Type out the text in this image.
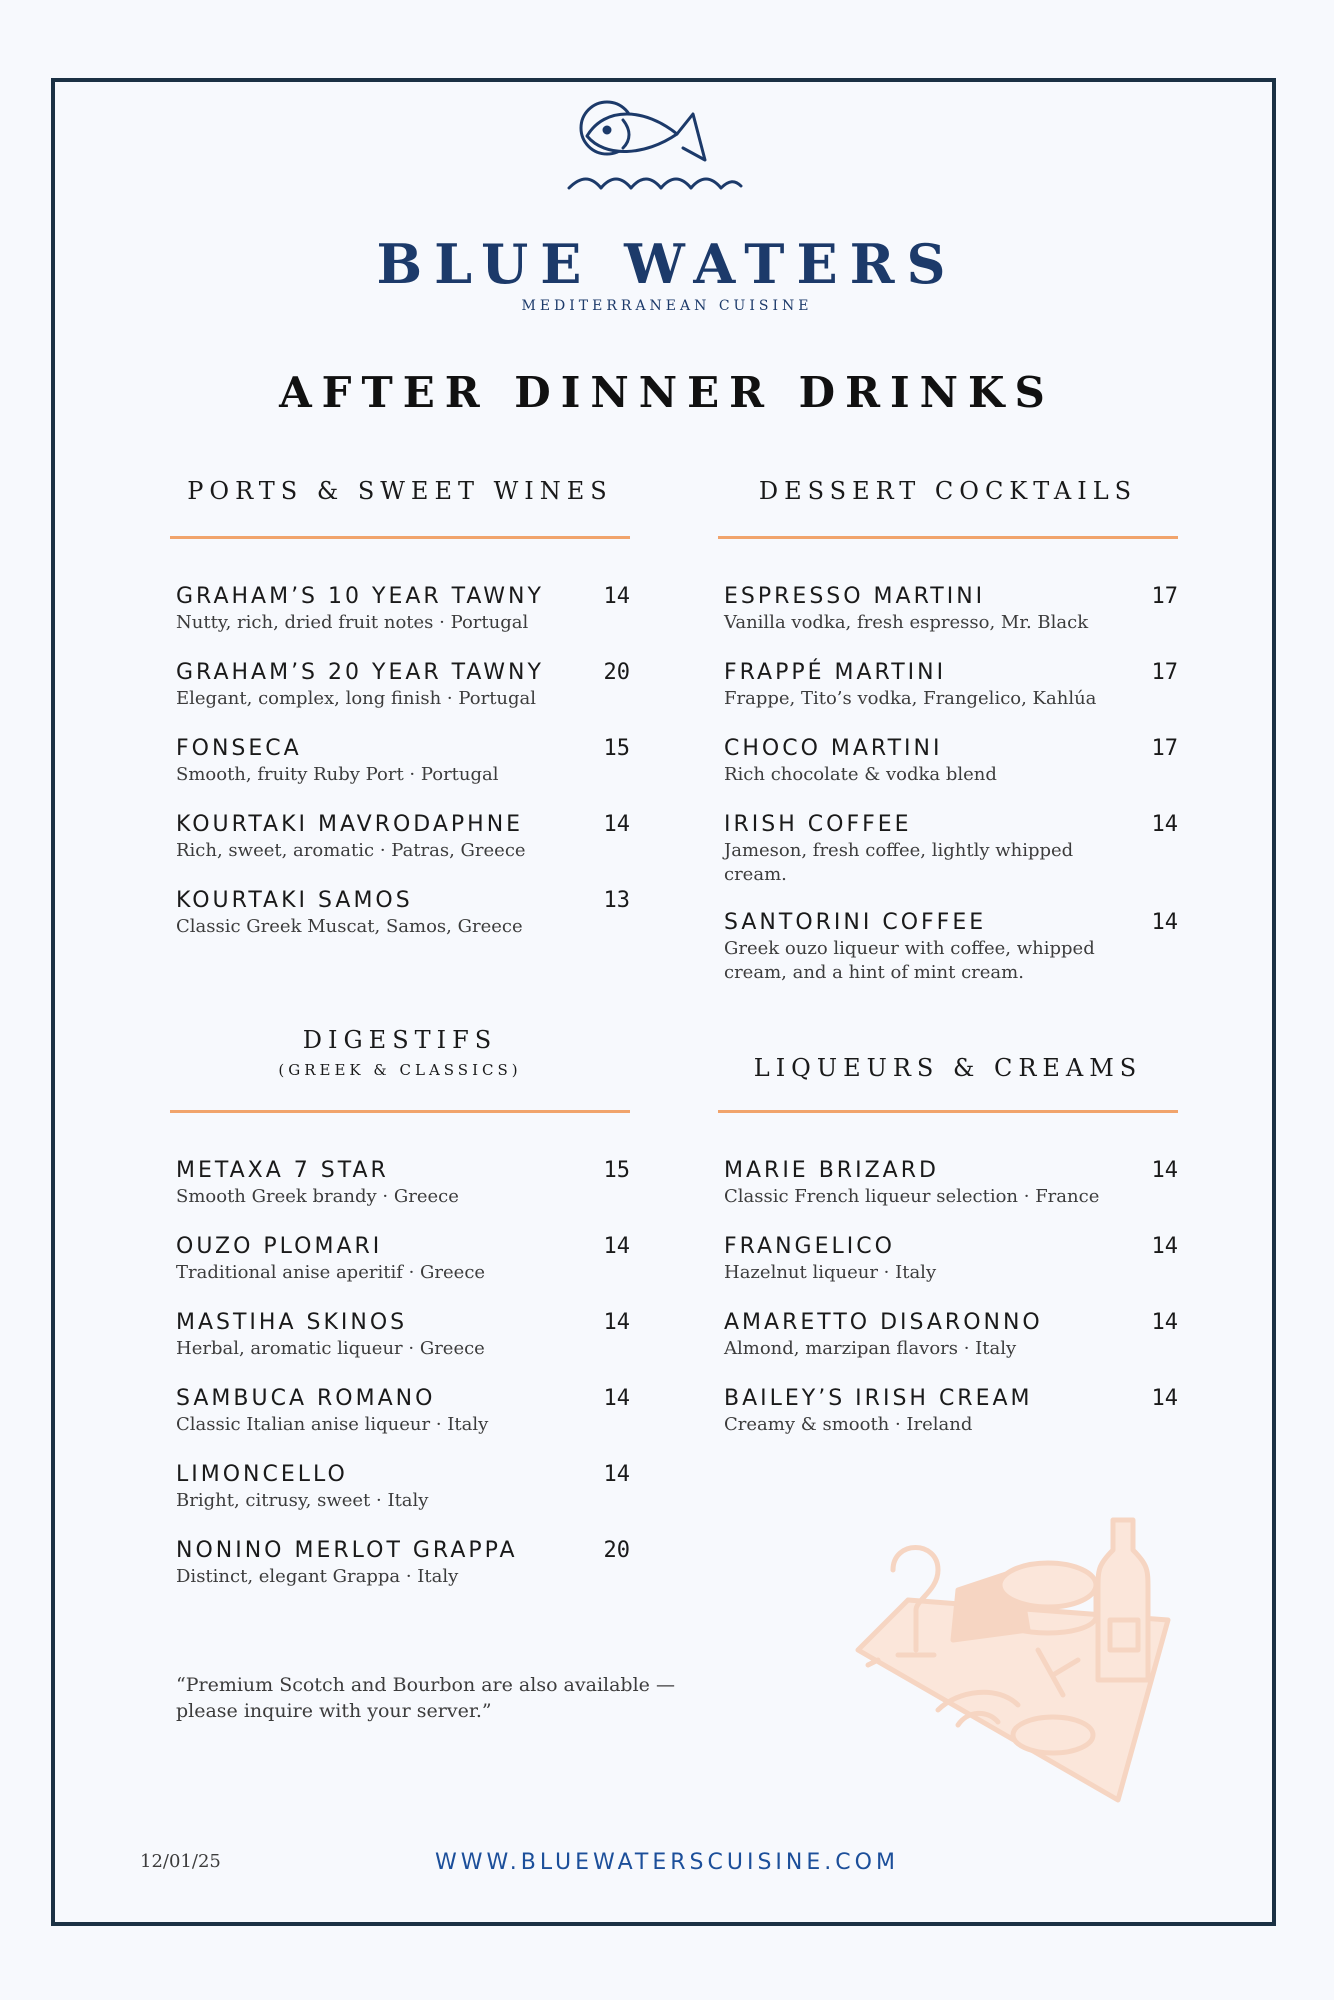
BLUE WATERS
MEDITERRANEAN CUISINE
AFTER DINNER DRINKS
PORTS & SWEET WINES
GRAHAM’S 10 YEAR TAWNY	14
Nutty, rich, dried fruit notes · Portugal
GRAHAM’S 20 YEAR TAWNY	20
Elegant, complex, long finish · Portugal
FONSECA	15
Smooth, fruity Ruby Port · Portugal
KOURTAKI MAVRODAPHNE	14
Rich, sweet, aromatic · Patras, Greece
KOURTAKI SAMOS	13
Classic Greek Muscat, Samos, Greece
DESSERT COCKTAILS
ESPRESSO MARTINI	17
Vanilla vodka, fresh espresso, Mr. Black
FRAPPÉ MARTINI	17
Frappe, Tito’s vodka, Frangelico, Kahlúa
CHOCO MARTINI	17
Rich chocolate & vodka blend
IRISH COFFEE	14
Jameson, fresh coffee, lightly whipped cream.
SANTORINI COFFEE	14
Greek ouzo liqueur with coffee, whipped cream, and a hint of mint cream.
DIGESTIFS
(GREEK & CLASSICS)
METAXA 7 STAR	15
Smooth Greek brandy · Greece
OUZO PLOMARI	14
Traditional anise aperitif · Greece
MASTIHA SKINOS	14
Herbal, aromatic liqueur · Greece
SAMBUCA ROMANO	14
Classic Italian anise liqueur · Italy
LIMONCELLO	14
Bright, citrusy, sweet · Italy
NONINO MERLOT GRAPPA	20
Distinct, elegant Grappa · Italy
LIQUEURS & CREAMS
MARIE BRIZARD	14
Classic French liqueur selection · France
FRANGELICO	14
Hazelnut liqueur · Italy
AMARETTO DISARONNO	14
Almond, marzipan flavors · Italy
BAILEY’S IRISH CREAM	14
Creamy & smooth · Ireland
“Premium Scotch and Bourbon are also available —please inquire with your server.”
12/01/25	WWW.BLUEWATERSCUISINE.COM
